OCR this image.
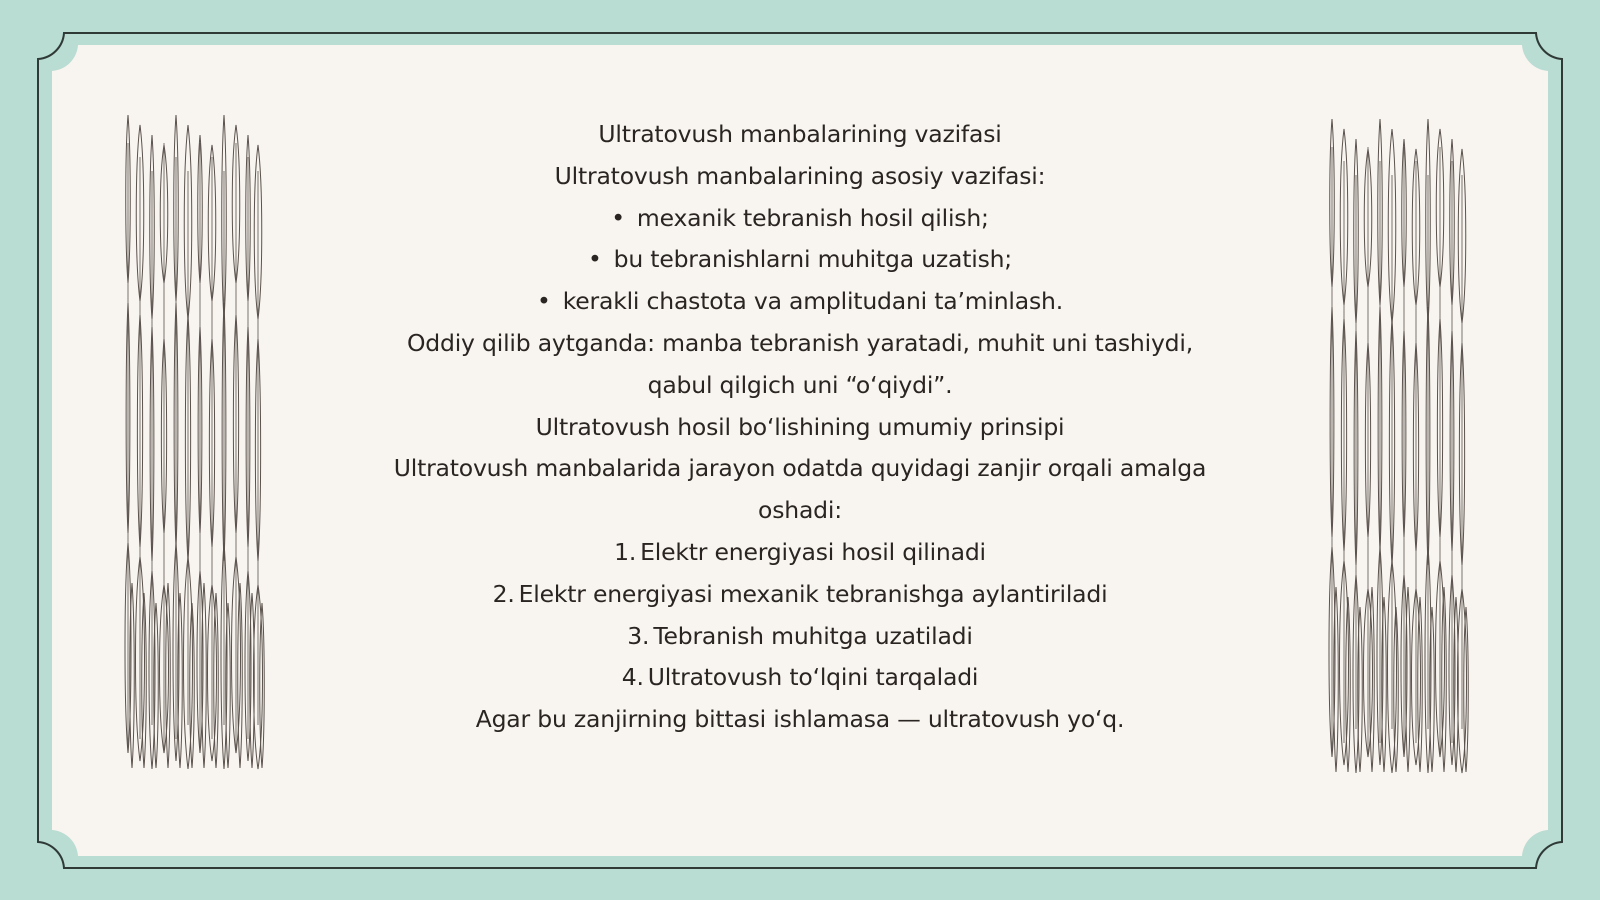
Ultratovush manbalarining vazifasi
Ultratovush manbalarining asosiy vazifasi:
• mexanik tebranish hosil qilish;
• bu tebranishlarni muhitga uzatish;
• kerakli chastota va amplitudani ta’minlash.
Oddiy qilib aytganda: manba tebranish yaratadi, muhit uni tashiydi,
qabul qilgich uni “o‘qiydi”.
Ultratovush hosil bo‘lishining umumiy prinsipi
Ultratovush manbalarida jarayon odatda quyidagi zanjir orqali amalga
oshadi:
1. Elektr energiyasi hosil qilinadi
2. Elektr energiyasi mexanik tebranishga aylantiriladi
3. Tebranish muhitga uzatiladi
4. Ultratovush to‘lqini tarqaladi
Agar bu zanjirning bittasi ishlamasa — ultratovush yo‘q.
